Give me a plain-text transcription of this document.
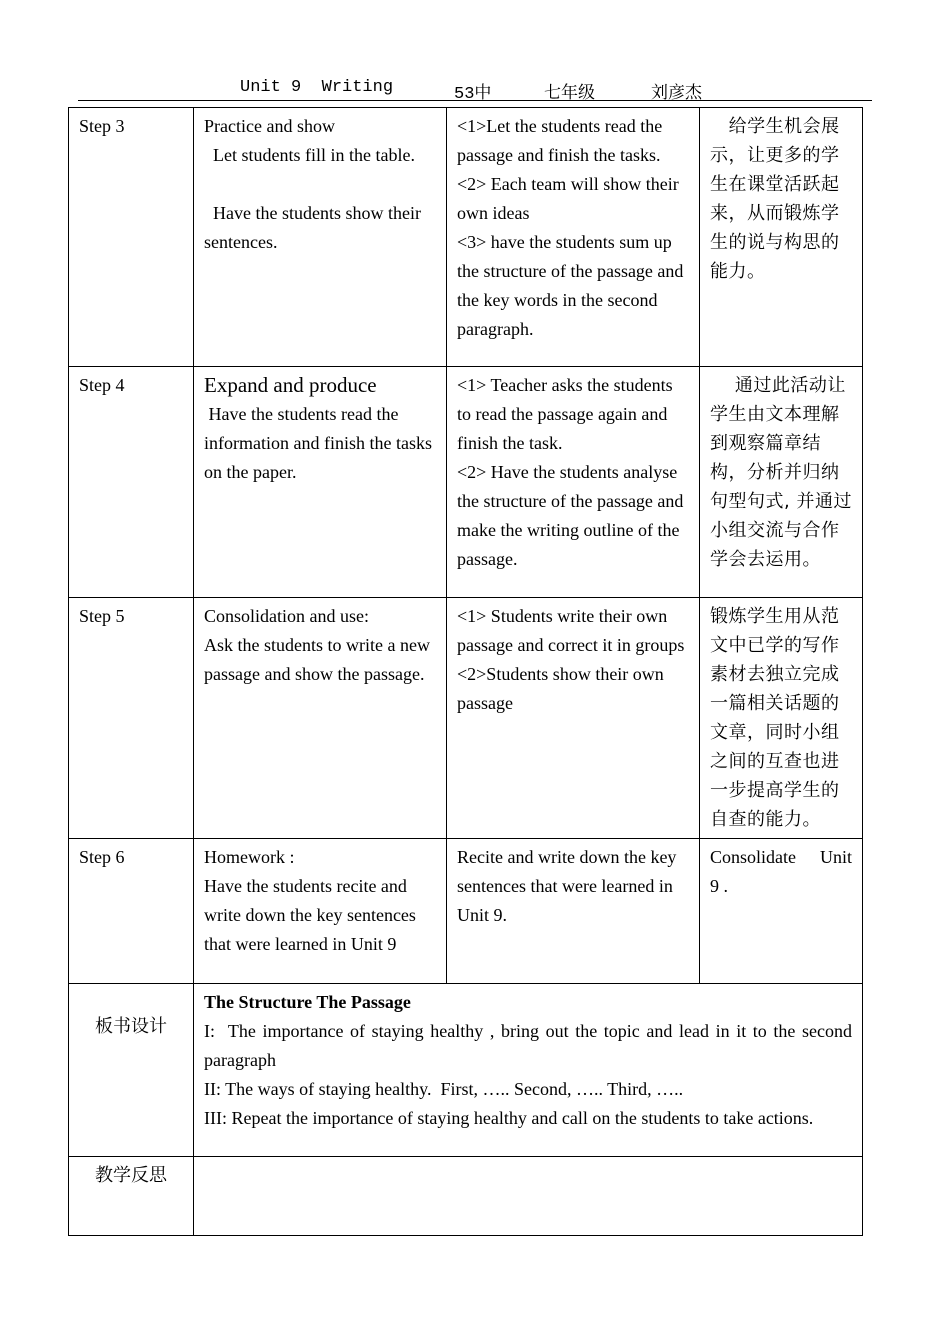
Unit 9  Writing	53中	七年级	刘彦杰
Step 3	Practice and show
Let students fill in the table.
Have the students show their sentences.	<1>Let the students read the passage and finish the tasks.
<2> Each team will show their own ideas
<3> have the students sum up the structure of the passage and the key words in the second paragraph.	给学生机会展示，让更多的学生在课堂活跃起来，从而锻炼学生的说与构思的能力。

Step 4	Expand and produce
Have the students read the information and finish the tasks on the paper.	<1> Teacher asks the students  to read the passage again and finish the task.
<2> Have the students analyse  the structure of the passage and make the writing outline of the passage.	通过此活动让学生由文本理解到观察篇章结构，分析并归纳句型句式, 并通过小组交流与合作学会去运用。

Step 5	Consolidation and use:
Ask the students to write a new passage and show the passage.	<1> Students write their own passage and correct it in groups
<2>Students show their own passage	锻炼学生用从范文中已学的写作素材去独立完成一篇相关话题的文章，同时小组之间的互查也进一步提高学生的自查的能力。

Step 6	Homework :
Have the students recite and write down the key sentences that were learned in Unit 9	Recite and write down the key sentences that were learned in Unit 9.	Consolidate   Unit 9 .

板书设计	The Structure The Passage
I:  The importance of staying healthy , bring out the topic and lead in it to the second paragraph
II: The ways of staying healthy.  First, ….. Second, ….. Third, …..
III: Repeat the importance of staying healthy and call on the students to take actions.		

教学反思			
